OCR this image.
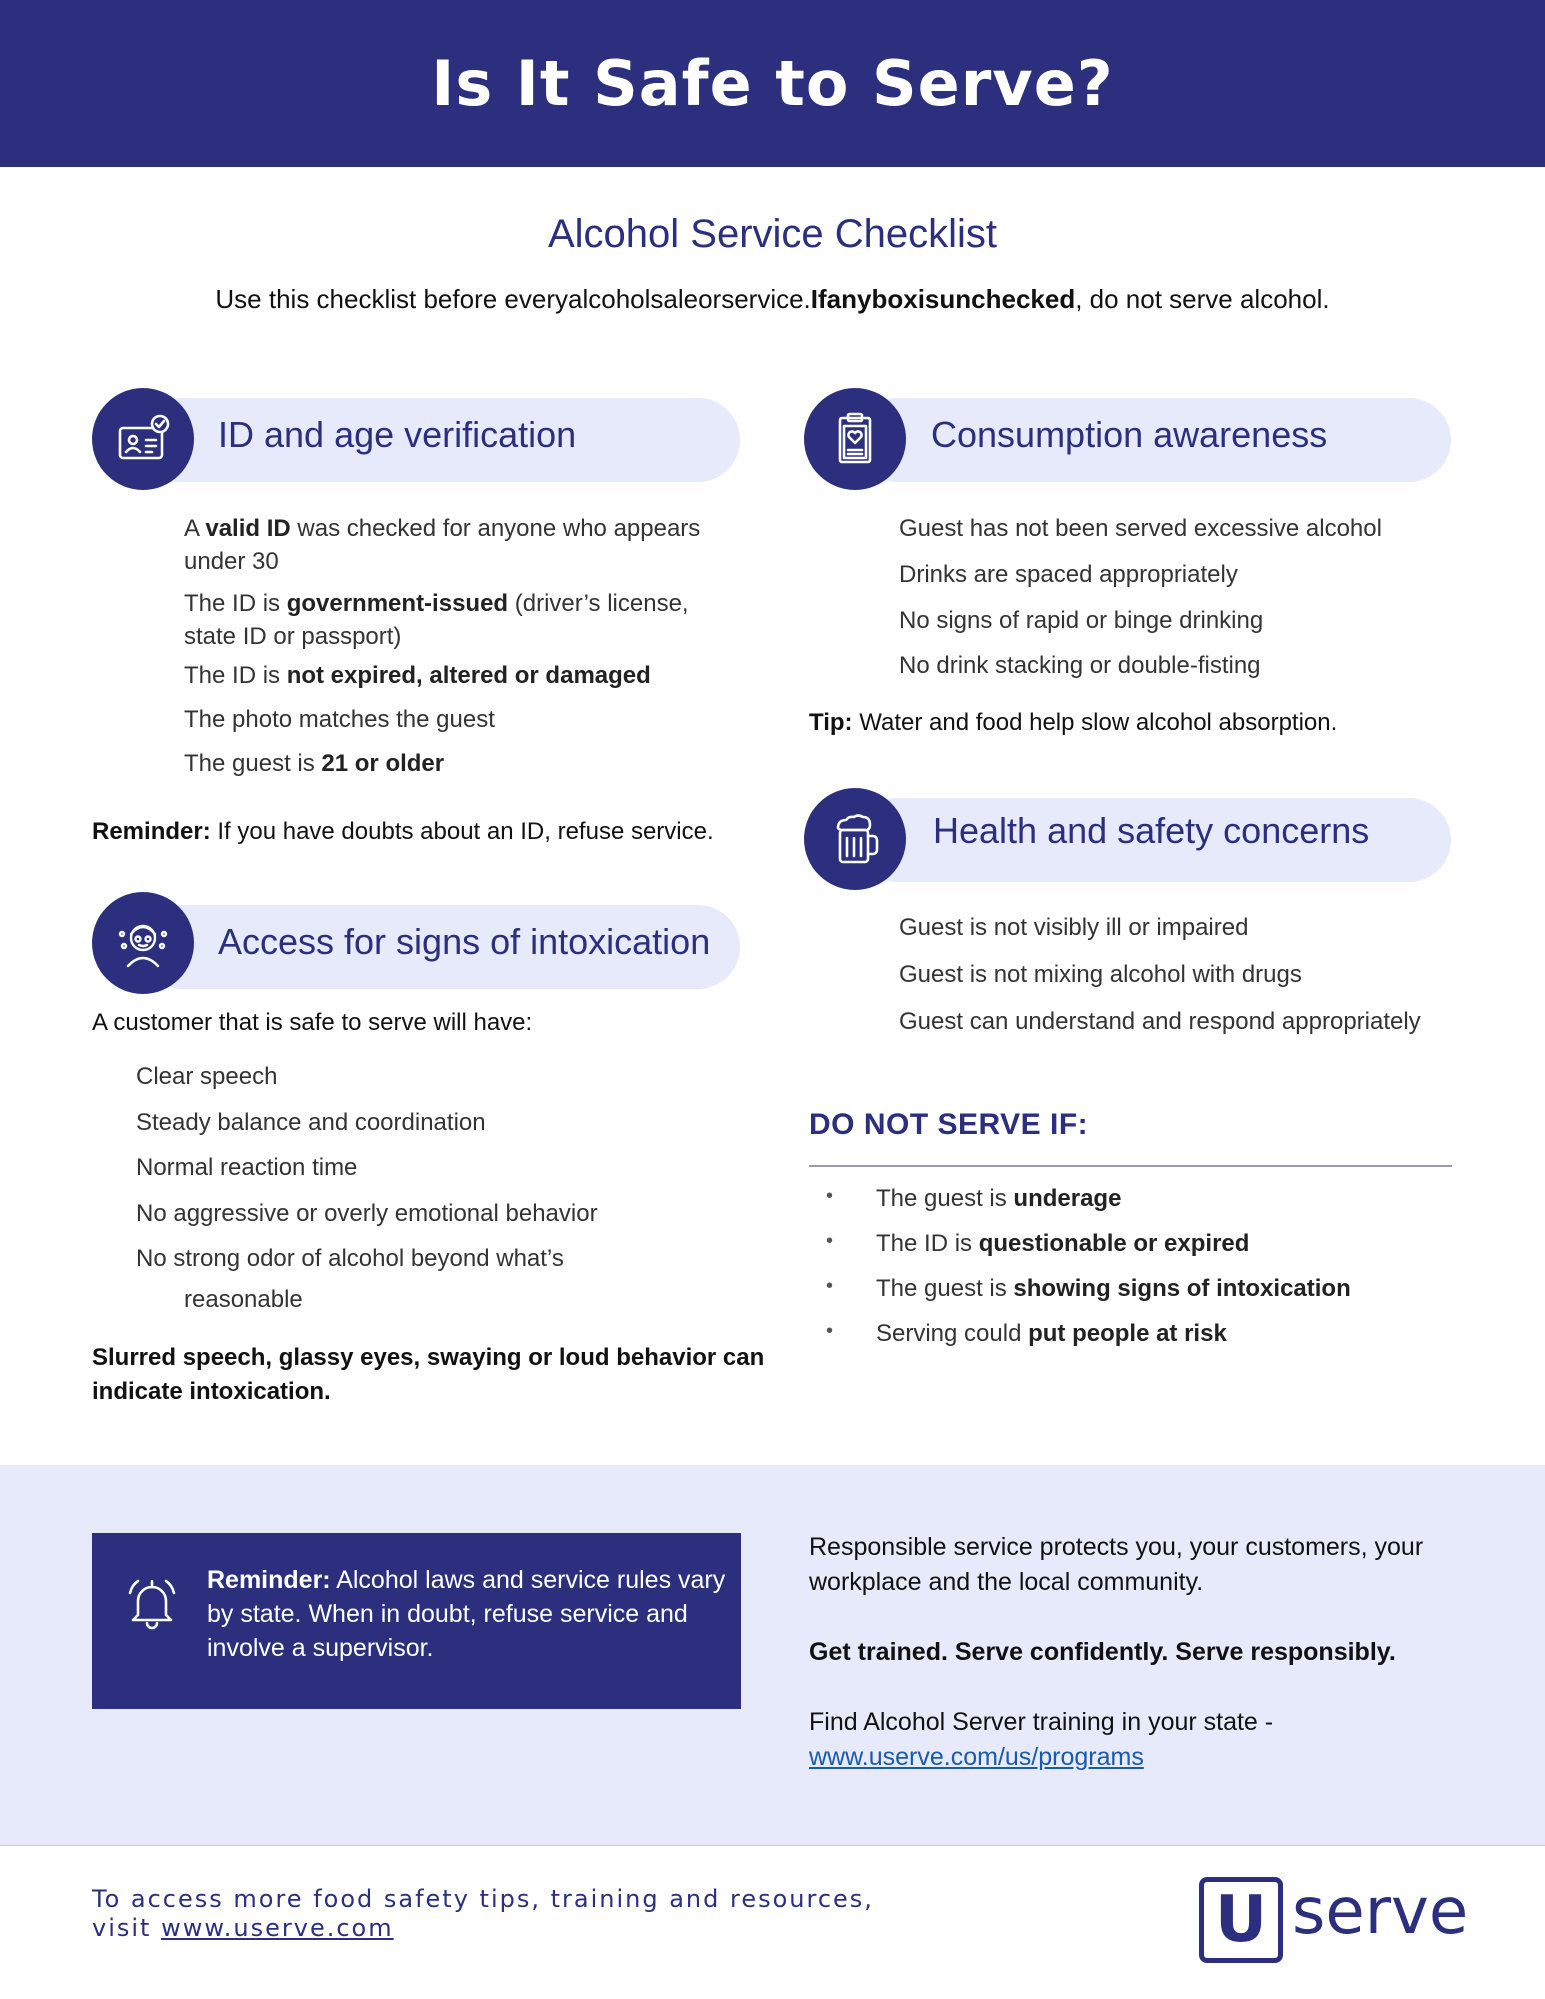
Is It Safe to Serve?
Alcohol Service Checklist
Use this checklist before everyalcoholsaleorservice.Ifanyboxisunchecked, do not serve alcohol.
ID and age verification
A valid ID was checked for anyone who appears under 30
The ID is government-issued (driver’s license, state ID or passport)
The ID is not expired, altered or damaged
The photo matches the guest
The guest is 21 or older
Reminder: If you have doubts about an ID, refuse service.
Access for signs of intoxication
A customer that is safe to serve will have:
Clear speech
Steady balance and coordination
Normal reaction time
No aggressive or overly emotional behavior
No strong odor of alcohol beyond what’s
reasonable
Slurred speech, glassy eyes, swaying or loud behavior can
indicate intoxication.
Consumption awareness
Guest has not been served excessive alcohol
Drinks are spaced appropriately
No signs of rapid or binge drinking
No drink stacking or double-fisting
Tip: Water and food help slow alcohol absorption.
Health and safety concerns
Guest is not visibly ill or impaired
Guest is not mixing alcohol with drugs
Guest can understand and respond appropriately
DO NOT SERVE IF:
• The guest is underage
• The ID is questionable or expired
• The guest is showing signs of intoxication
• Serving could put people at risk
Reminder: Alcohol laws and service rules vary by state. When in doubt, refuse service and involve a supervisor.
Responsible service protects you, your customers, your workplace and the local community.
Get trained. Serve confidently. Serve responsibly.
Find Alcohol Server training in your state - www.userve.com/us/programs
To access more food safety tips, training and resources,
visit www.userve.com	U serve
